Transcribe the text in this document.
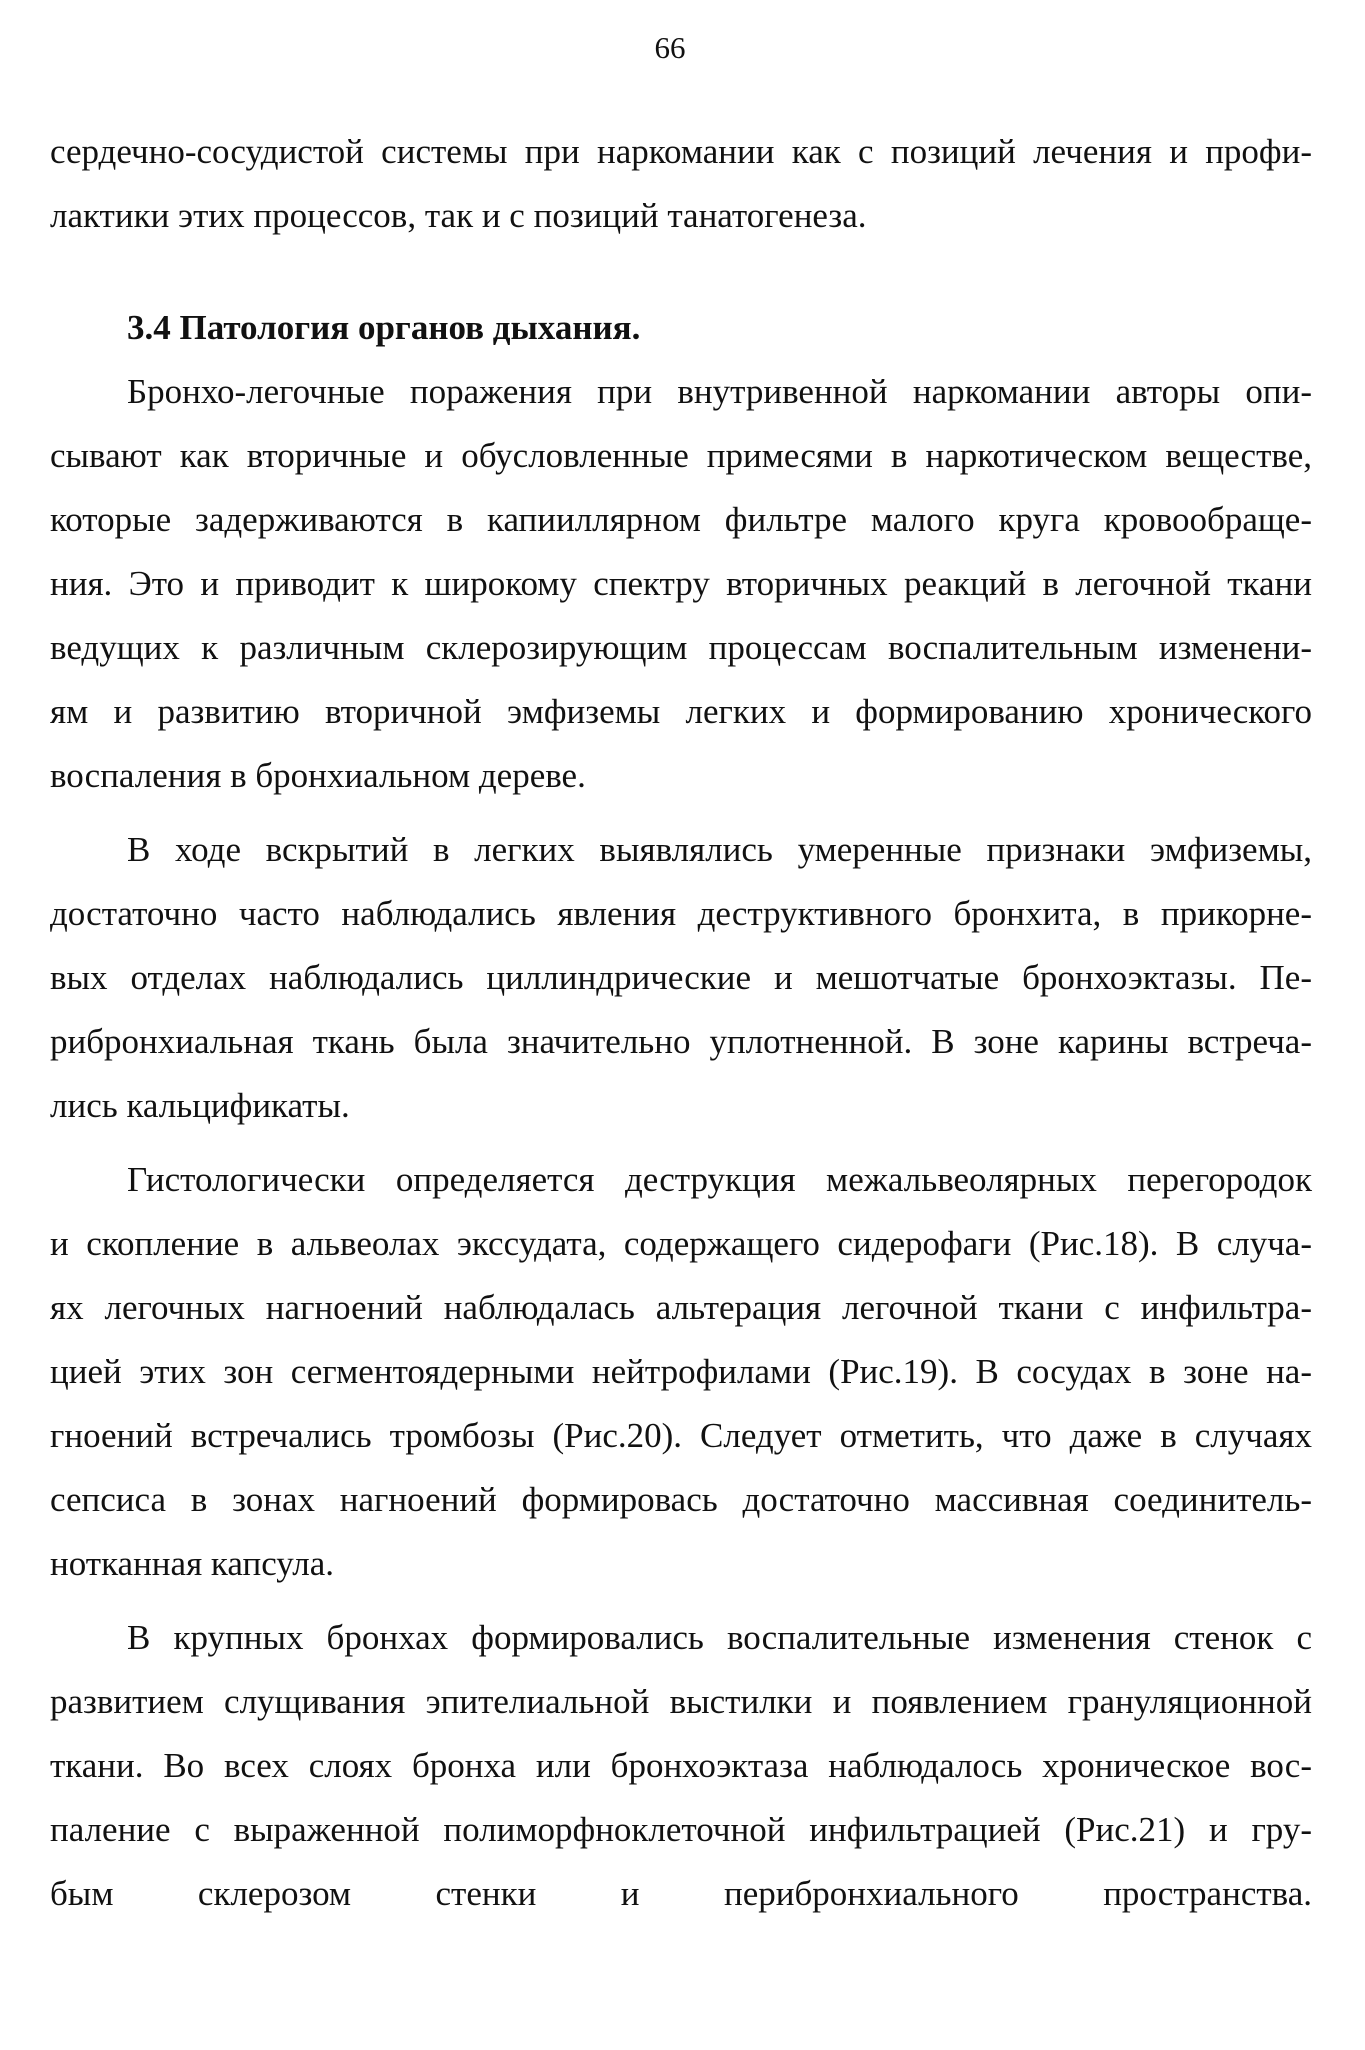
66
сердечно-сосудистой системы при наркомании как с позиций лечения и профи-
лактики этих процессов, так и с позиций танатогенеза.
3.4 Патология органов дыхания.
Бронхо-легочные поражения при внутривенной наркомании авторы опи-
сывают как вторичные и обусловленные примесями в наркотическом веществе,
которые задерживаются в капииллярном фильтре малого круга кровообраще-
ния. Это и приводит к широкому спектру вторичных реакций в легочной ткани
ведущих к различным склерозирующим процессам воспалительным изменени-
ям и развитию вторичной эмфиземы легких и формированию хронического
воспаления в бронхиальном дереве.
В ходе вскрытий в легких выявлялись умеренные признаки эмфиземы,
достаточно часто наблюдались явления деструктивного бронхита, в прикорне-
вых отделах наблюдались циллиндрические и мешотчатые бронхоэктазы. Пе-
рибронхиальная ткань была значительно уплотненной. В зоне карины встреча-
лись кальцификаты.
Гистологически определяется деструкция межальвеолярных перегородок
и скопление в альвеолах экссудата, содержащего сидерофаги (Рис.18). В случа-
ях легочных нагноений наблюдалась альтерация легочной ткани с инфильтра-
цией этих зон сегментоядерными нейтрофилами (Рис.19). В сосудах в зоне на-
гноений встречались тромбозы (Рис.20). Следует отметить, что даже в случаях
сепсиса в зонах нагноений формировась достаточно массивная соединитель-
нотканная капсула.
В крупных бронхах формировались воспалительные изменения стенок с
развитием слущивания эпителиальной выстилки и появлением грануляционной
ткани. Во всех слоях бронха или бронхоэктаза наблюдалось хроническое вос-
паление с выраженной полиморфноклеточной инфильтрацией (Рис.21) и гру-
бым склерозом стенки и перибронхиального пространства.
